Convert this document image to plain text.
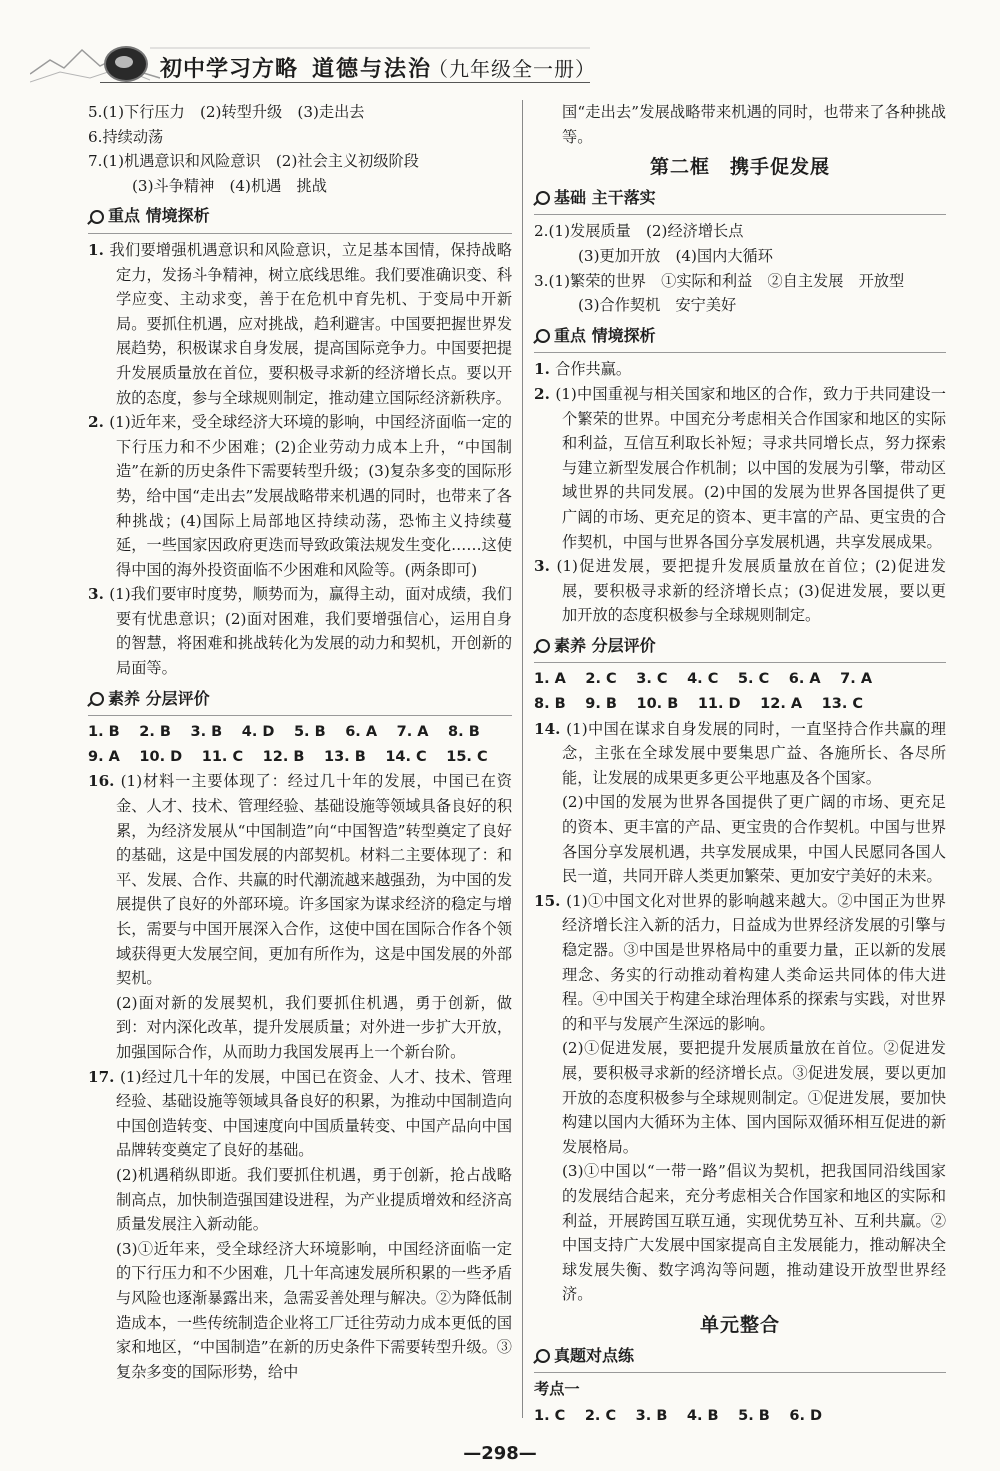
初中学习方略 道德与法治
（九年级全一册）

5.(1)下行压力　(2)转型升级　(3)走出去

6.持续动荡

7.(1)机遇意识和风险意识　(2)社会主义初级阶段

(3)斗争精神　(4)机遇　挑战

重点 情境探析

1. 我们要增强机遇意识和风险意识，立足基本国情，保持战略定力，发扬斗争精神，树立底线思维。我们要准确识变、科学应变、主动求变，善于在危机中育先机、于变局中开新局。要抓住机遇，应对挑战，趋利避害。中国要把握世界发展趋势，积极谋求自身发展，提高国际竞争力。中国要把提升发展质量放在首位，要积极寻求新的经济增长点。要以开放的态度，参与全球规则制定，推动建立国际经济新秩序。

2. (1)近年来，受全球经济大环境的影响，中国经济面临一定的下行压力和不少困难；(2)企业劳动力成本上升，“中国制造”在新的历史条件下需要转型升级；(3)复杂多变的国际形势，给中国“走出去”发展战略带来机遇的同时，也带来了各种挑战；(4)国际上局部地区持续动荡，恐怖主义持续蔓延，一些国家因政府更迭而导致政策法规发生变化……这使得中国的海外投资面临不少困难和风险等。(两条即可)

3. (1)我们要审时度势，顺势而为，赢得主动，面对成绩，我们要有忧患意识；(2)面对困难，我们要增强信心，运用自身的智慧，将困难和挑战转化为发展的动力和契机，开创新的局面等。

素养 分层评价

1. B　 2. B　 3. B　 4. D　 5. B　 6. A　 7. A　 8. B

9. A　 10. D　 11. C　 12. B　 13. B　 14. C　 15. C

16. (1)材料一主要体现了：经过几十年的发展，中国已在资金、人才、技术、管理经验、基础设施等领域具备良好的积累，为经济发展从“中国制造”向“中国智造”转型奠定了良好的基础，这是中国发展的内部契机。材料二主要体现了：和平、发展、合作、共赢的时代潮流越来越强劲，为中国的发展提供了良好的外部环境。许多国家为谋求经济的稳定与增长，需要与中国开展深入合作，这使中国在国际合作各个领域获得更大发展空间，更加有所作为，这是中国发展的外部契机。

(2)面对新的发展契机，我们要抓住机遇，勇于创新，做到：对内深化改革，提升发展质量；对外进一步扩大开放，加强国际合作，从而助力我国发展再上一个新台阶。

17. (1)经过几十年的发展，中国已在资金、人才、技术、管理经验、基础设施等领域具备良好的积累，为推动中国制造向中国创造转变、中国速度向中国质量转变、中国产品向中国品牌转变奠定了良好的基础。

(2)机遇稍纵即逝。我们要抓住机遇，勇于创新，抢占战略制高点，加快制造强国建设进程，为产业提质增效和经济高质量发展注入新动能。

(3)①近年来，受全球经济大环境影响，中国经济面临一定的下行压力和不少困难，几十年高速发展所积累的一些矛盾与风险也逐渐暴露出来，急需妥善处理与解决。②为降低制造成本，一些传统制造企业将工厂迁往劳动力成本更低的国家和地区，“中国制造”在新的历史条件下需要转型升级。③复杂多变的国际形势，给中

国“走出去”发展战略带来机遇的同时，也带来了各种挑战等。

第二框　携手促发展
基础 主干落实

2.(1)发展质量　(2)经济增长点

(3)更加开放　(4)国内大循环

3.(1)繁荣的世界　①实际和利益　②自主发展　开放型

(3)合作契机　安宁美好

重点 情境探析

1. 合作共赢。

2. (1)中国重视与相关国家和地区的合作，致力于共同建设一个繁荣的世界。中国充分考虑相关合作国家和地区的实际和利益，互信互利取长补短；寻求共同增长点，努力探索与建立新型发展合作机制；以中国的发展为引擎，带动区域世界的共同发展。(2)中国的发展为世界各国提供了更广阔的市场、更充足的资本、更丰富的产品、更宝贵的合作契机，中国与世界各国分享发展机遇，共享发展成果。

3. (1)促进发展，要把提升发展质量放在首位；(2)促进发展，要积极寻求新的经济增长点；(3)促进发展，要以更加开放的态度积极参与全球规则制定。

素养 分层评价

1. A　 2. C　 3. C　 4. C　 5. C　 6. A　 7. A

8. B　 9. B　 10. B　 11. D　 12. A　 13. C

14. (1)中国在谋求自身发展的同时，一直坚持合作共赢的理念，主张在全球发展中要集思广益、各施所长、各尽所能，让发展的成果更多更公平地惠及各个国家。

(2)中国的发展为世界各国提供了更广阔的市场、更充足的资本、更丰富的产品、更宝贵的合作契机。中国与世界各国分享发展机遇，共享发展成果，中国人民愿同各国人民一道，共同开辟人类更加繁荣、更加安宁美好的未来。

15. (1)①中国文化对世界的影响越来越大。②中国正为世界经济增长注入新的活力，日益成为世界经济发展的引擎与稳定器。③中国是世界格局中的重要力量，正以新的发展理念、务实的行动推动着构建人类命运共同体的伟大进程。④中国关于构建全球治理体系的探索与实践，对世界的和平与发展产生深远的影响。

(2)①促进发展，要把提升发展质量放在首位。②促进发展，要积极寻求新的经济增长点。③促进发展，要以更加开放的态度积极参与全球规则制定。①促进发展，要加快构建以国内大循环为主体、国内国际双循环相互促进的新发展格局。

(3)①中国以“一带一路”倡议为契机，把我国同沿线国家的发展结合起来，充分考虑相关合作国家和地区的实际和利益，开展跨国互联互通，实现优势互补、互利共赢。②中国支持广大发展中国家提高自主发展能力，推动解决全球发展失衡、数字鸿沟等问题，推动建设开放型世界经济。

单元整合
真题对点练

考点一

1. C　 2. C　 3. B　 4. B　 5. B　 6. D

—298—
